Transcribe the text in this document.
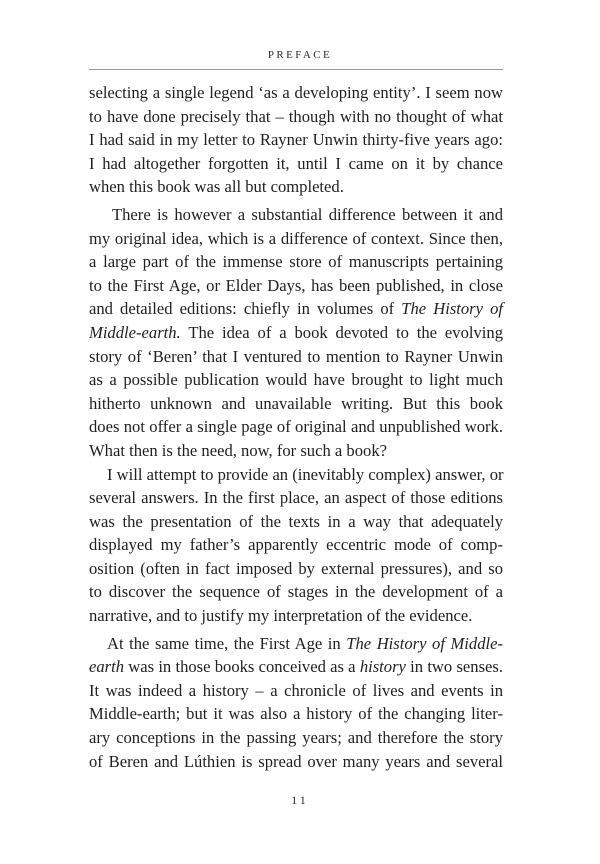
PREFACE
selecting a single legend ‘as a developing entity’. I seem now
to have done precisely that – though with no thought of what
I had said in my letter to Rayner Unwin thirty-five years ago:
I had altogether forgotten it, until I came on it by chance
when this book was all but completed.
There is however a substantial difference between it and
my original idea, which is a difference of context. Since then,
a large part of the immense store of manuscripts pertaining
to the First Age, or Elder Days, has been published, in close
and detailed editions: chiefly in volumes of The History of
Middle-earth. The idea of a book devoted to the evolving
story of ‘Beren’ that I ventured to mention to Rayner Unwin
as a possible publication would have brought to light much
hitherto unknown and unavailable writing. But this book
does not offer a single page of original and unpublished work.
What then is the need, now, for such a book?
I will attempt to provide an (inevitably complex) answer, or
several answers. In the first place, an aspect of those editions
was the presentation of the texts in a way that adequately
displayed my father’s apparently eccentric mode of comp-
osition (often in fact imposed by external pressures), and so
to discover the sequence of stages in the development of a
narrative, and to justify my interpretation of the evidence.
At the same time, the First Age in The History of Middle-
earth was in those books conceived as a history in two senses.
It was indeed a history – a chronicle of lives and events in
Middle-earth; but it was also a history of the changing liter-
ary conceptions in the passing years; and therefore the story
of Beren and Lúthien is spread over many years and several
11
